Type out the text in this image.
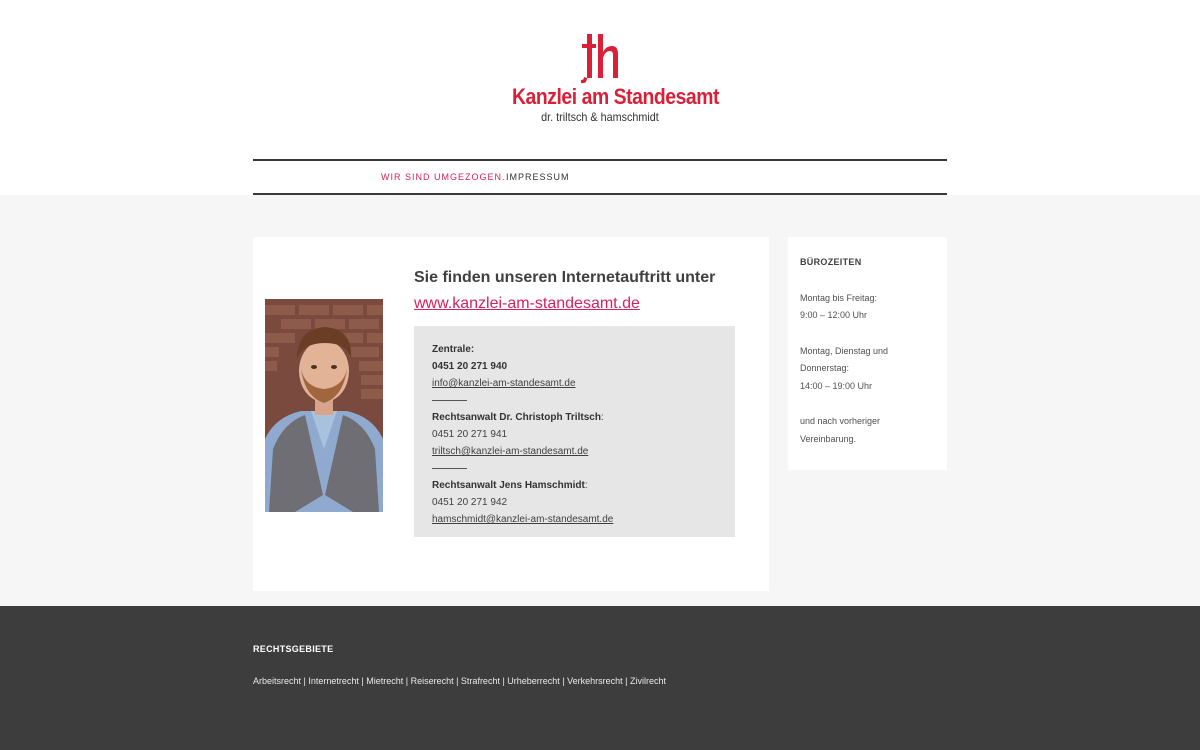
Kanzlei am Standesamt
dr. triltsch & hamschmidt
WIR SIND UMGEZOGEN. IMPRESSUM
Sie finden unseren Internetauftritt unter
www.kanzlei-am-standesamt.de
Zentrale:
0451 20 271 940
info@kanzlei-am-standesamt.de
Rechtsanwalt Dr. Christoph Triltsch:
0451 20 271 941
triltsch@kanzlei-am-standesamt.de
Rechtsanwalt Jens Hamschmidt:
0451 20 271 942
hamschmidt@kanzlei-am-standesamt.de
BÜROZEITEN
Montag bis Freitag:
9:00 – 12:00 Uhr
Montag, Dienstag und
Donnerstag:
14:00 – 19:00 Uhr
und nach vorheriger
Vereinbarung.
RECHTSGEBIETE
Arbeitsrecht | Internetrecht | Mietrecht | Reiserecht | Strafrecht | Urheberrecht | Verkehrsrecht | Zivilrecht
